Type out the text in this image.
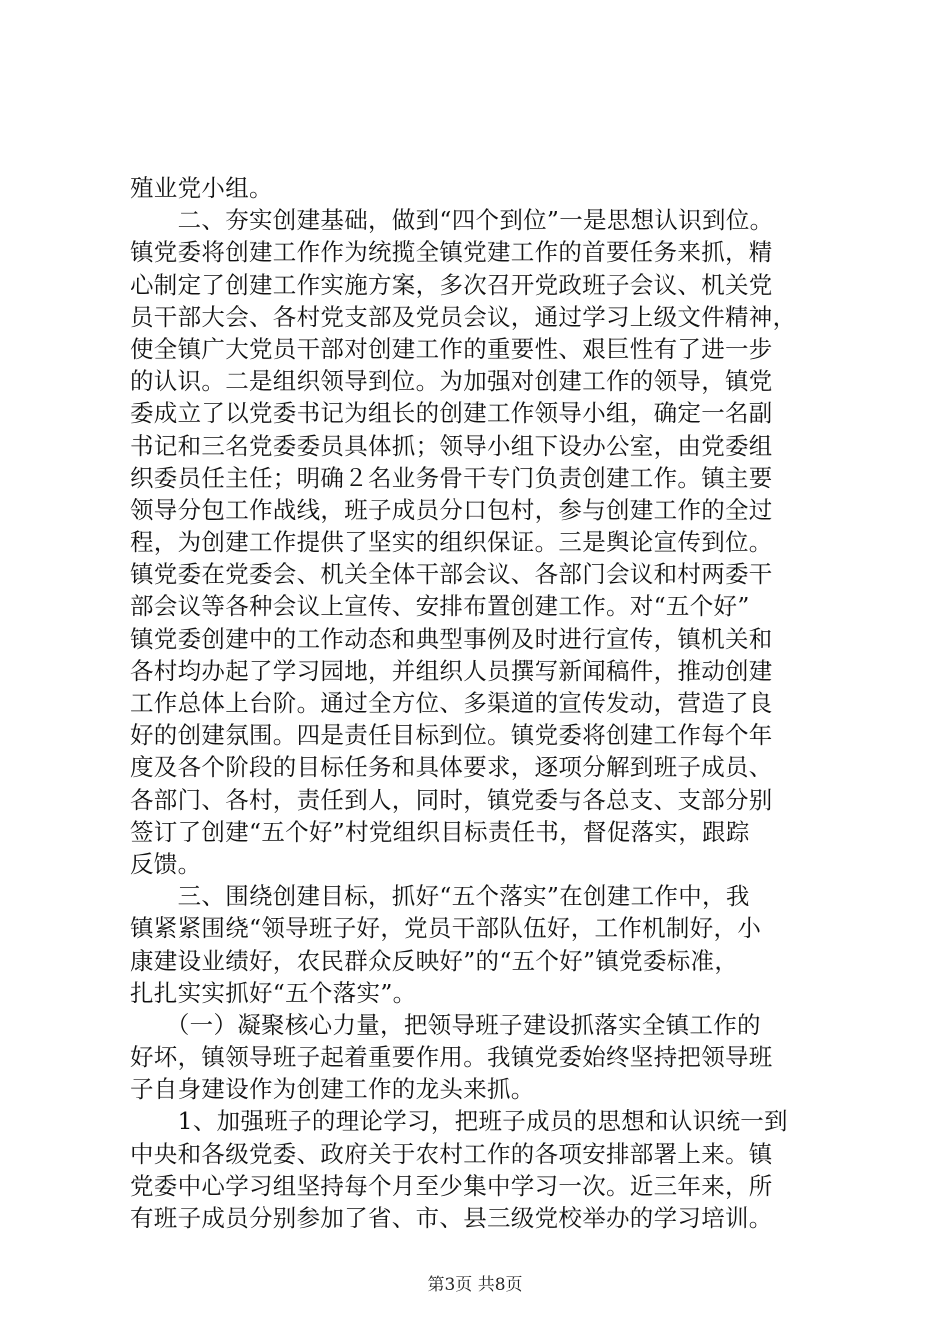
殖业党小组。
　　二、夯实创建基础，做到“四个到位”一是思想认识到位。
镇党委将创建工作作为统揽全镇党建工作的首要任务来抓，精
心制定了创建工作实施方案，多次召开党政班子会议、机关党
员干部大会、各村党支部及党员会议，通过学习上级文件精神，
使全镇广大党员干部对创建工作的重要性、艰巨性有了进一步
的认识。二是组织领导到位。为加强对创建工作的领导，镇党
委成立了以党委书记为组长的创建工作领导小组，确定一名副
书记和三名党委委员具体抓；领导小组下设办公室，由党委组
织委员任主任；明确２名业务骨干专门负责创建工作。镇主要
领导分包工作战线，班子成员分口包村，参与创建工作的全过
程，为创建工作提供了坚实的组织保证。三是舆论宣传到位。
镇党委在党委会、机关全体干部会议、各部门会议和村两委干
部会议等各种会议上宣传、安排布置创建工作。对“五个好”
镇党委创建中的工作动态和典型事例及时进行宣传，镇机关和
各村均办起了学习园地，并组织人员撰写新闻稿件，推动创建
工作总体上台阶。通过全方位、多渠道的宣传发动，营造了良
好的创建氛围。四是责任目标到位。镇党委将创建工作每个年
度及各个阶段的目标任务和具体要求，逐项分解到班子成员、
各部门、各村，责任到人，同时，镇党委与各总支、支部分别
签订了创建“五个好”村党组织目标责任书，督促落实，跟踪
反馈。
　　三、围绕创建目标，抓好“五个落实”在创建工作中，我
镇紧紧围绕“领导班子好，党员干部队伍好，工作机制好，小
康建设业绩好，农民群众反映好”的“五个好”镇党委标准，
扎扎实实抓好“五个落实”。
　　（一）凝聚核心力量，把领导班子建设抓落实全镇工作的
好坏，镇领导班子起着重要作用。我镇党委始终坚持把领导班
子自身建设作为创建工作的龙头来抓。
　　1、加强班子的理论学习，把班子成员的思想和认识统一到
中央和各级党委、政府关于农村工作的各项安排部署上来。镇
党委中心学习组坚持每个月至少集中学习一次。近三年来，所
有班子成员分别参加了省、市、县三级党校举办的学习培训。
第3页 共8页
